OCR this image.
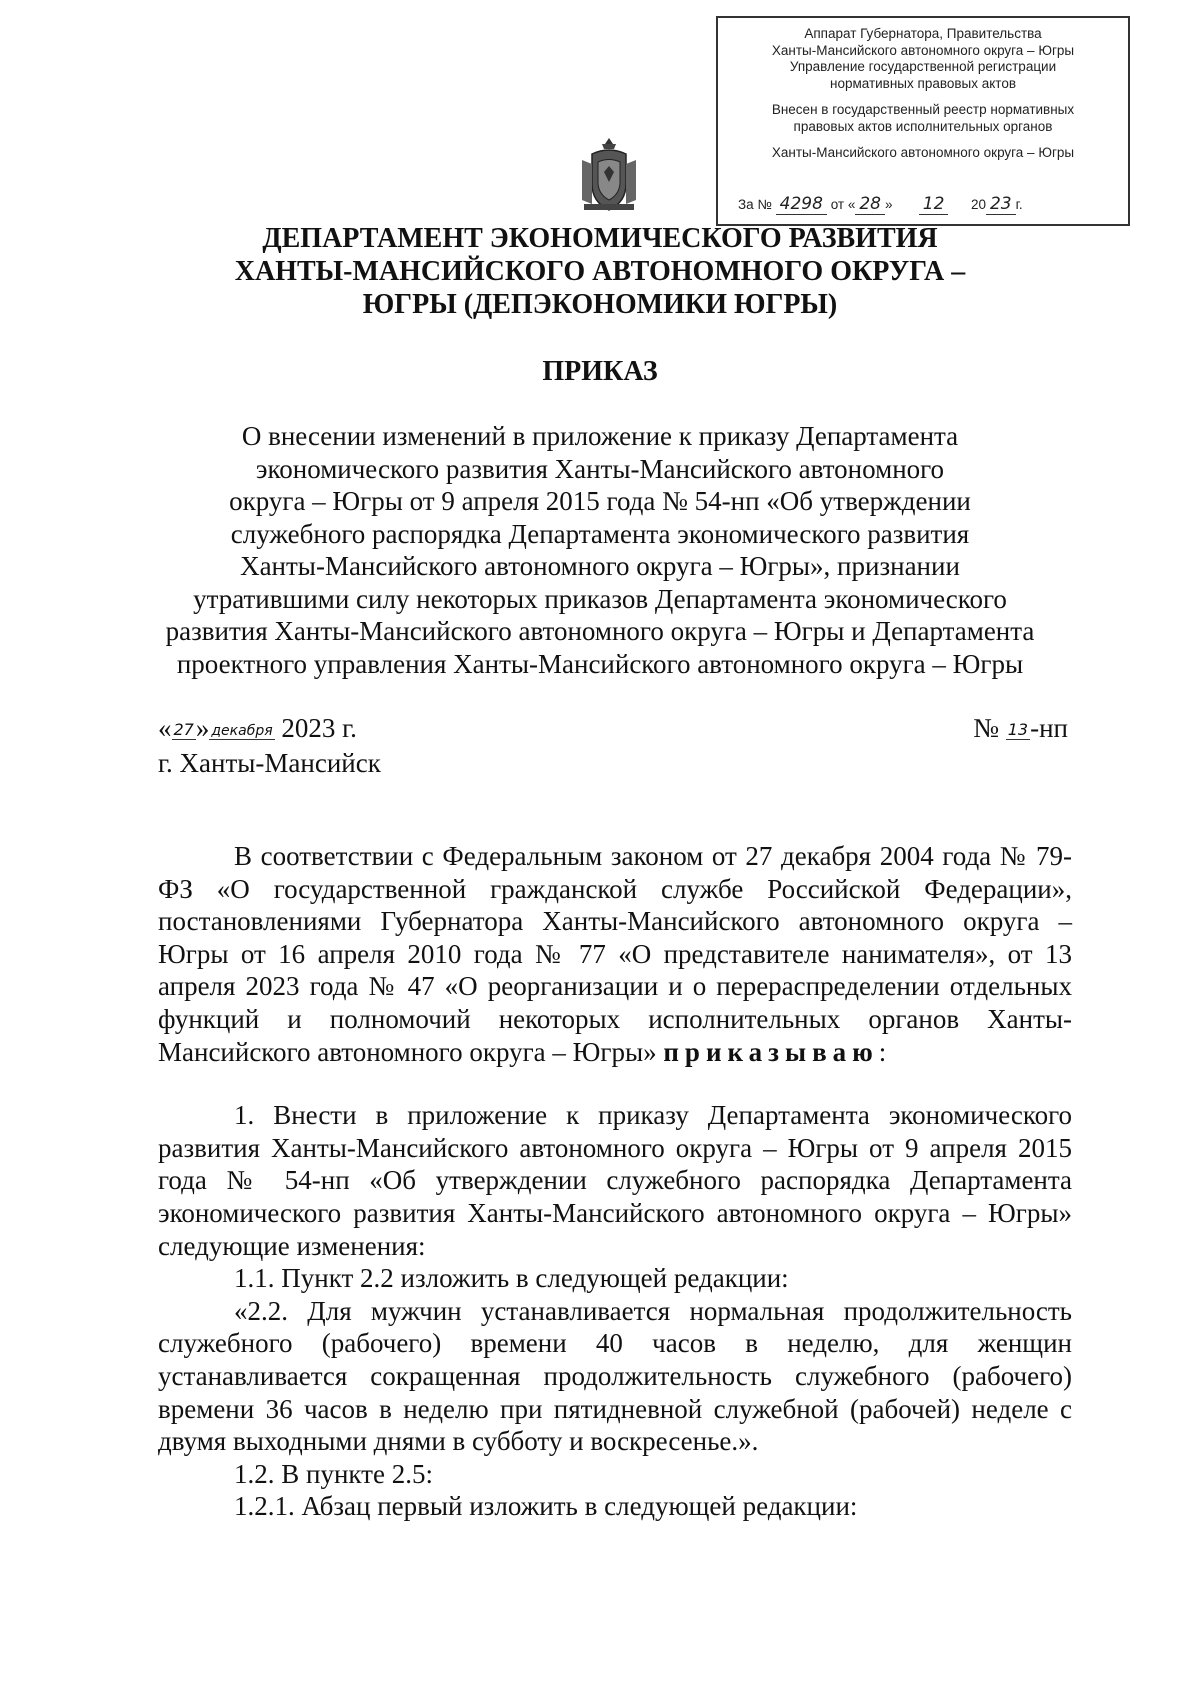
Аппарат Губернатора, Правительства
Ханты-Мансийского автономного округа – Югры
Управление государственной регистрации
нормативных правовых актов
Внесен в государственный реестр нормативных
правовых актов исполнительных органов
Ханты-Мансийского автономного округа – Югры
За № 4298 от « 28 » 12 20 23 г.
ДЕПАРТАМЕНТ ЭКОНОМИЧЕСКОГО РАЗВИТИЯ
ХАНТЫ-МАНСИЙСКОГО АВТОНОМНОГО ОКРУГА –
ЮГРЫ (ДЕПЭКОНОМИКИ ЮГРЫ)
ПРИКАЗ
О внесении изменений в приложение к приказу Департамента
экономического развития Ханты-Мансийского автономного
округа – Югры от 9 апреля 2015 года № 54-нп «Об утверждении
служебного распорядка Департамента экономического развития
Ханты-Мансийского автономного округа – Югры», признании
утратившими силу некоторых приказов Департамента экономического
развития Ханты-Мансийского автономного округа – Югры и Департамента
проектного управления Ханты-Мансийского автономного округа – Югры
« 27» декабря 2023 г.	№ 13-нп
г. Ханты-Мансийск

В соответствии с Федеральным законом от 27 декабря 2004 года № 79-ФЗ «О государственной гражданской службе Российской Федерации», постановлениями Губернатора Ханты-Мансийского автономного округа – Югры от 16 апреля 2010 года № 77 «О представителе нанимателя», от 13 апреля 2023 года № 47 «О реорганизации и о перераспределении отдельных функций и полномочий некоторых исполнительных органов Ханты-Мансийского автономного округа – Югры» приказываю:

1. Внести в приложение к приказу Департамента экономического развития Ханты-Мансийского автономного округа – Югры от 9 апреля 2015 года № 54-нп «Об утверждении служебного распорядка Департамента экономического развития Ханты-Мансийского автономного округа – Югры» следующие изменения:

1.1. Пункт 2.2 изложить в следующей редакции:

«2.2. Для мужчин устанавливается нормальная продолжительность служебного (рабочего) времени 40 часов в неделю, для женщин устанавливается сокращенная продолжительность служебного (рабочего) времени 36 часов в неделю при пятидневной служебной (рабочей) неделе с двумя выходными днями в субботу и воскресенье.».

1.2. В пункте 2.5:

1.2.1. Абзац первый изложить в следующей редакции:
